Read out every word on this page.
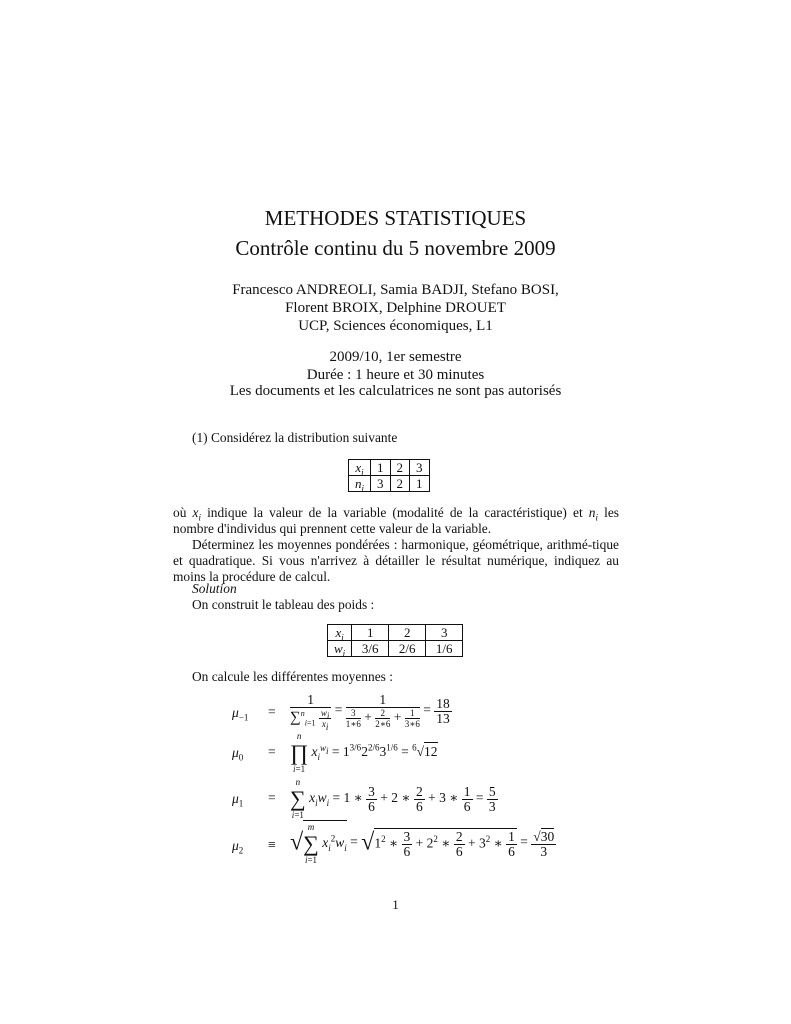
METHODES STATISTIQUES
Contrôle continu du 5 novembre 2009
Francesco ANDREOLI, Samia BADJI, Stefano BOSI,
Florent BROIX, Delphine DROUET
UCP, Sciences économiques, L1
2009/10, 1er semestre
Durée : 1 heure et 30 minutes
Les documents et les calculatrices ne sont pas autorisés
(1) Considérez la distribution suivante
$x_i$	1	2	3
$n_i$	3	2	1
où $x_i$ indique la valeur de la variable (modalité de la caractéristique) et $n_i$ les nombre d'individus qui prennent cette valeur de la variable.
Déterminez les moyennes pondérées : harmonique, géométrique, arithmé-tique et quadratique. Si vous n'arrivez à détailler le résultat numérique, indiquez au moins la procédure de calcul.
Solution
On construit le tableau des poids :
$x_i$	1	2	3
$w_i$	3/6	2/6	1/6
On calcule les différentes moyennes :
$\mu_{-1} = \frac{1}{\sum^n_{i=1} \frac{w_i}{x_i}} = \frac{1}{\frac{3}{1∗6} + \frac{2}{2∗6} + \frac{1}{3∗6}} = \frac{18}{13}$
$\mu_0$ =
n
∏
i=1
$x_i^{w_i} = 1^{3/6}2^{2/6}3^{1/6} = ^6√12$
$\mu_1$ =
n
∑
i=1
$x_iw_i = 1$ ∗ $\frac{3}{6} + 2$ ∗ $\frac{2}{6} + 3$ ∗ $\frac{1}{6} = \frac{5}{3}$
$\mu_2$ ≡ √
m
∑
i=1
$x_i^2w_i = √1^2$ ∗ $\frac{3}{6} + 2^2$ ∗ $\frac{2}{6} + 3^2$ ∗ $\frac{1}{6} = \frac{√30}{3}$
1
